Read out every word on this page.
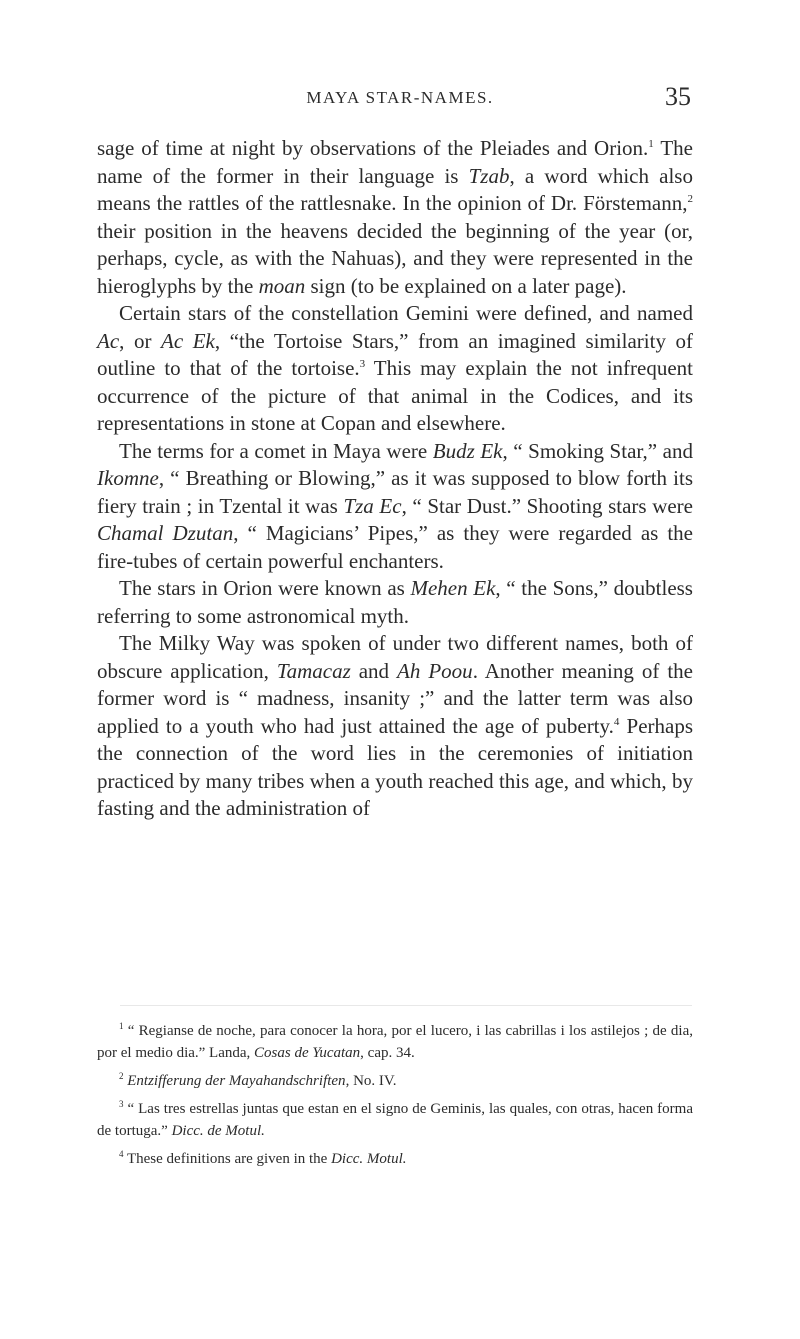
MAYA STAR-NAMES.	35

sage of time at night by observations of the Pleiades and Orion.$^1$ The name of the former in their language is Tzab, a word which also means the rattles of the rattlesnake. In the opinion of Dr. Förstemann,$^2$ their position in the heavens decided the beginning of the year (or, perhaps, cycle, as with the Nahuas), and they were represented in the hieroglyphs by the moan sign (to be explained on a later page).

Certain stars of the constellation Gemini were defined, and named Ac, or Ac Ek, “the Tortoise Stars,” from an imagined similarity of outline to that of the tortoise.$^3$ This may explain the not infrequent occurrence of the picture of that animal in the Codices, and its representations in stone at Copan and elsewhere.

The terms for a comet in Maya were Budz Ek, “ Smoking Star,” and Ikomne, “ Breathing or Blowing,” as it was supposed to blow forth its fiery train ; in Tzental it was Tza Ec, “ Star Dust.” Shooting stars were Chamal Dzutan, “ Magicians’ Pipes,” as they were regarded as the fire-tubes of certain powerful enchanters.

The stars in Orion were known as Mehen Ek, “ the Sons,” doubtless referring to some astronomical myth.

The Milky Way was spoken of under two different names, both of obscure application, Tamacaz and Ah Poou. Another meaning of the former word is “ madness, insanity ;” and the latter term was also applied to a youth who had just attained the age of puberty.$^4$ Perhaps the connection of the word lies in the ceremonies of initiation practiced by many tribes when a youth reached this age, and which, by fasting and the administration of

$^1$ “ Regianse de noche, para conocer la hora, por el lucero, i las cabrillas i los astilejos ; de dia, por el medio dia.” Landa, Cosas de Yucatan, cap. 34.

$^2$ Entzifferung der Mayahandschriften, No. IV.

$^3$ “ Las tres estrellas juntas que estan en el signo de Geminis, las quales, con otras, hacen forma de tortuga.” Dicc. de Motul.

$^4$ These definitions are given in the Dicc. Motul.
